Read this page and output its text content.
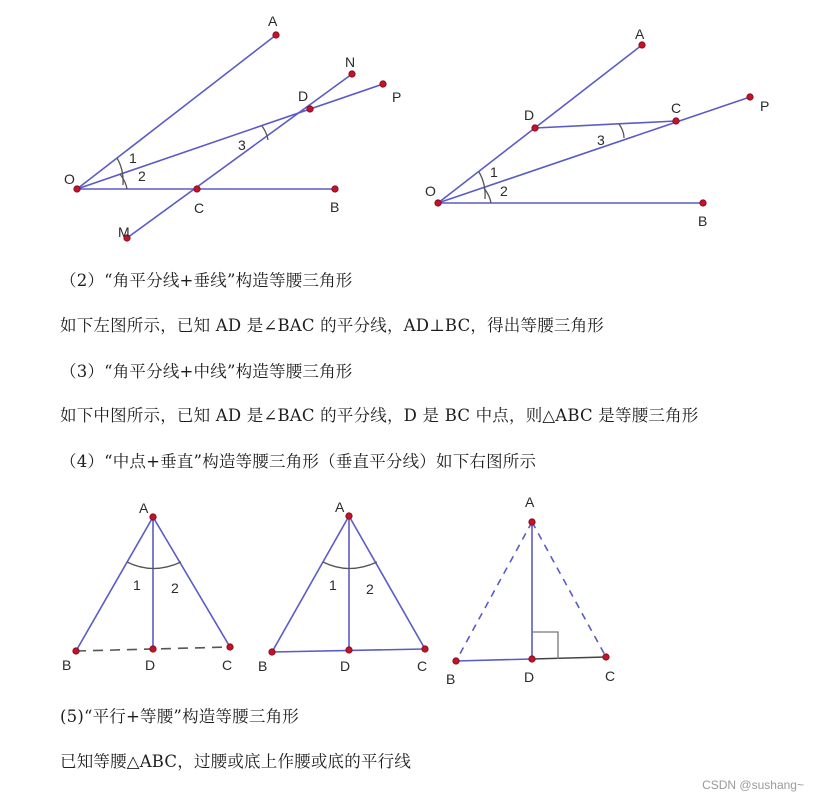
O
A
N
P
D
C	B
M
1
2
3
O
A
D	C	P
B
1
2
3
A
B	D	C
1 2
A
B	D	C
1 2
A
B	D	C
（2）“角平分线+垂线”构造等腰三角形
如下左图所示，已知 AD 是∠BAC 的平分线，AD⊥BC，得出等腰三角形
（3）“角平分线+中线”构造等腰三角形
如下中图所示，已知 AD 是∠BAC 的平分线，D 是 BC 中点，则△ABC 是等腰三角形
（4）“中点+垂直”构造等腰三角形（垂直平分线）如下右图所示
(5)“平行+等腰”构造等腰三角形
已知等腰△ABC，过腰或底上作腰或底的平行线
CSDN @sushang~
